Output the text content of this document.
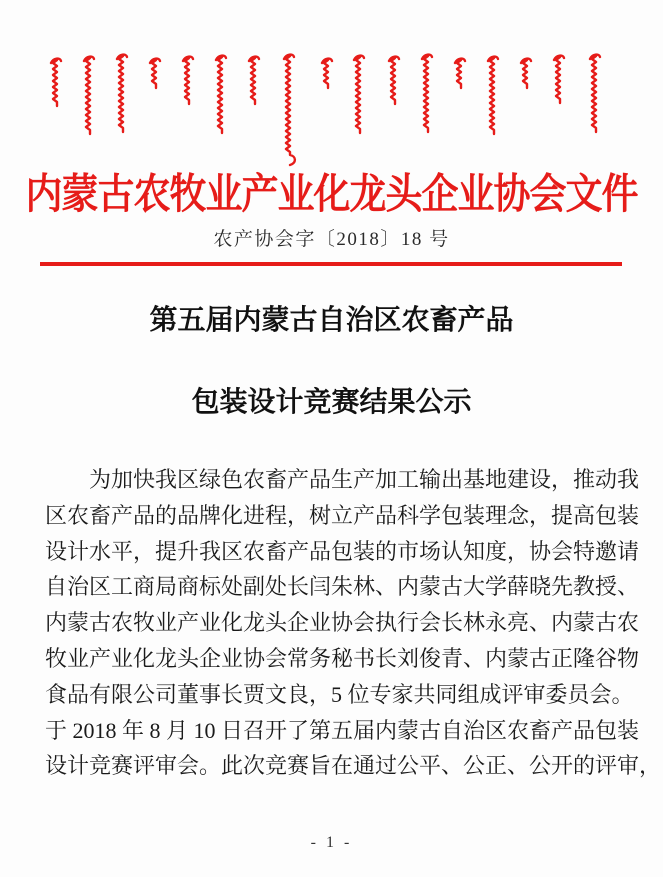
内蒙古农牧业产业化龙头企业协会文件
农产协会字〔2018〕18 号
第五届内蒙古自治区农畜产品
包装设计竞赛结果公示
为加快我区绿色农畜产品生产加工输出基地建设，推动我
区农畜产品的品牌化进程，树立产品科学包装理念，提高包装
设计水平，提升我区农畜产品包装的市场认知度，协会特邀请
自治区工商局商标处副处长闫朱林、内蒙古大学薛晓先教授、
内蒙古农牧业产业化龙头企业协会执行会长林永亮、内蒙古农
牧业产业化龙头企业协会常务秘书长刘俊青、内蒙古正隆谷物
食品有限公司董事长贾文良，5 位专家共同组成评审委员会。
于 2018 年 8 月 10 日召开了第五届内蒙古自治区农畜产品包装
设计竞赛评审会。此次竞赛旨在通过公平、公正、公开的评审，
- 1 -
